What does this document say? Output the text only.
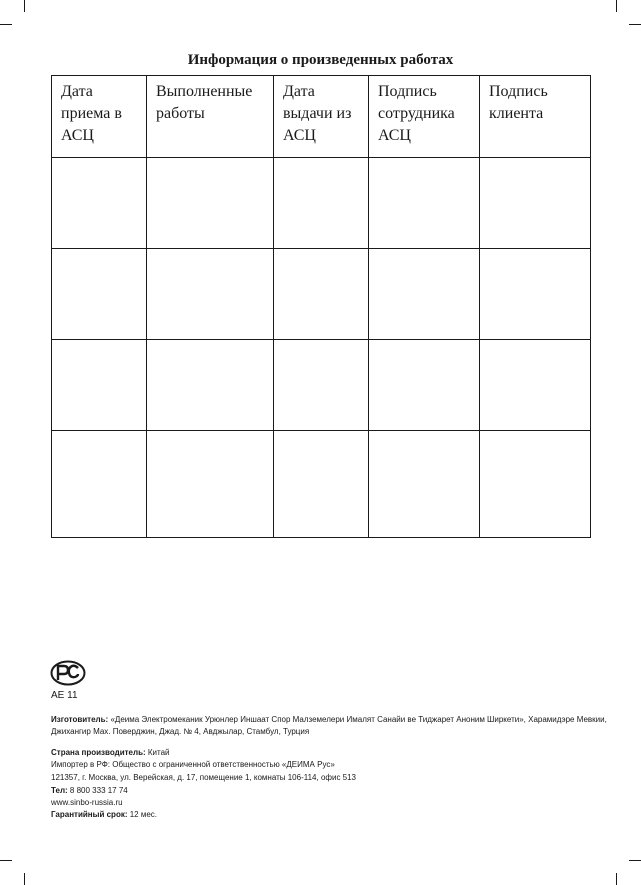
Информация о произведенных работах
Дата приема в АСЦ	Выполненные работы	Дата выдачи из АСЦ	Подпись сотрудника АСЦ	Подпись клиента

АЕ 11
Изготовитель: «Деима Электромеканик Урюнлер Иншаат Спор Малземелери Ималят Санайи ве Тиджарет Аноним Ширкети», Харамидэре Мевкии, Джихангир Мах. Поверджин, Джад. № 4, Авджылар, Стамбул, Турция
Страна производитель: Китай
Импортер в РФ: Общество с ограниченной ответственностью «ДЕИМА Рус»
121357, г. Москва, ул. Верейская, д. 17, помещение 1, комнаты 106-114, офис 513
Тел: 8 800 333 17 74
www.sinbo-russia.ru
Гарантийный срок: 12 мес.
